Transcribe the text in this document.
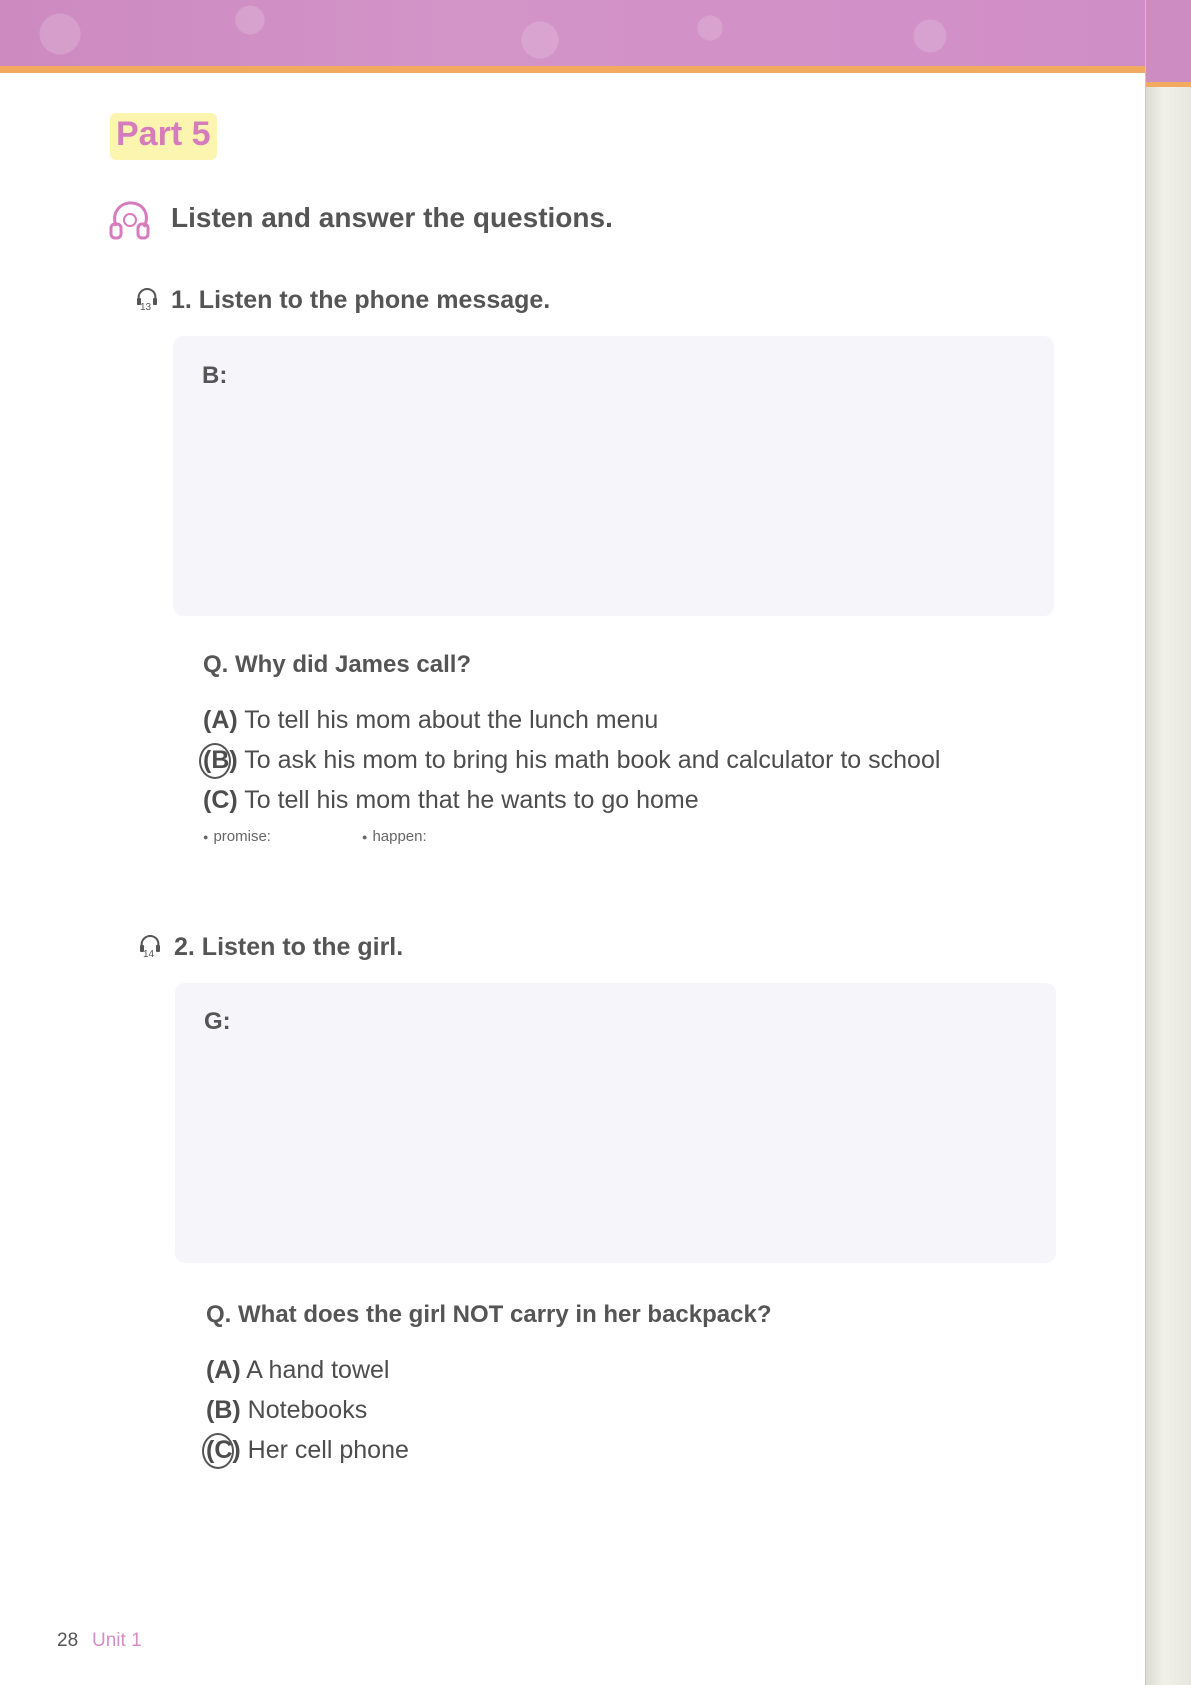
Part 5
Listen and answer the questions.
13 1. Listen to the phone message.
B:
Q. Why did James call?
(A) To tell his mom about the lunch menu
(B) To ask his mom to bring his math book and calculator to school
(C) To tell his mom that he wants to go home
● promise:	● happen:
14 2. Listen to the girl.
G:
Q. What does the girl NOT carry in her backpack?
(A) A hand towel
(B) Notebooks
(C) Her cell phone
28 Unit 1
